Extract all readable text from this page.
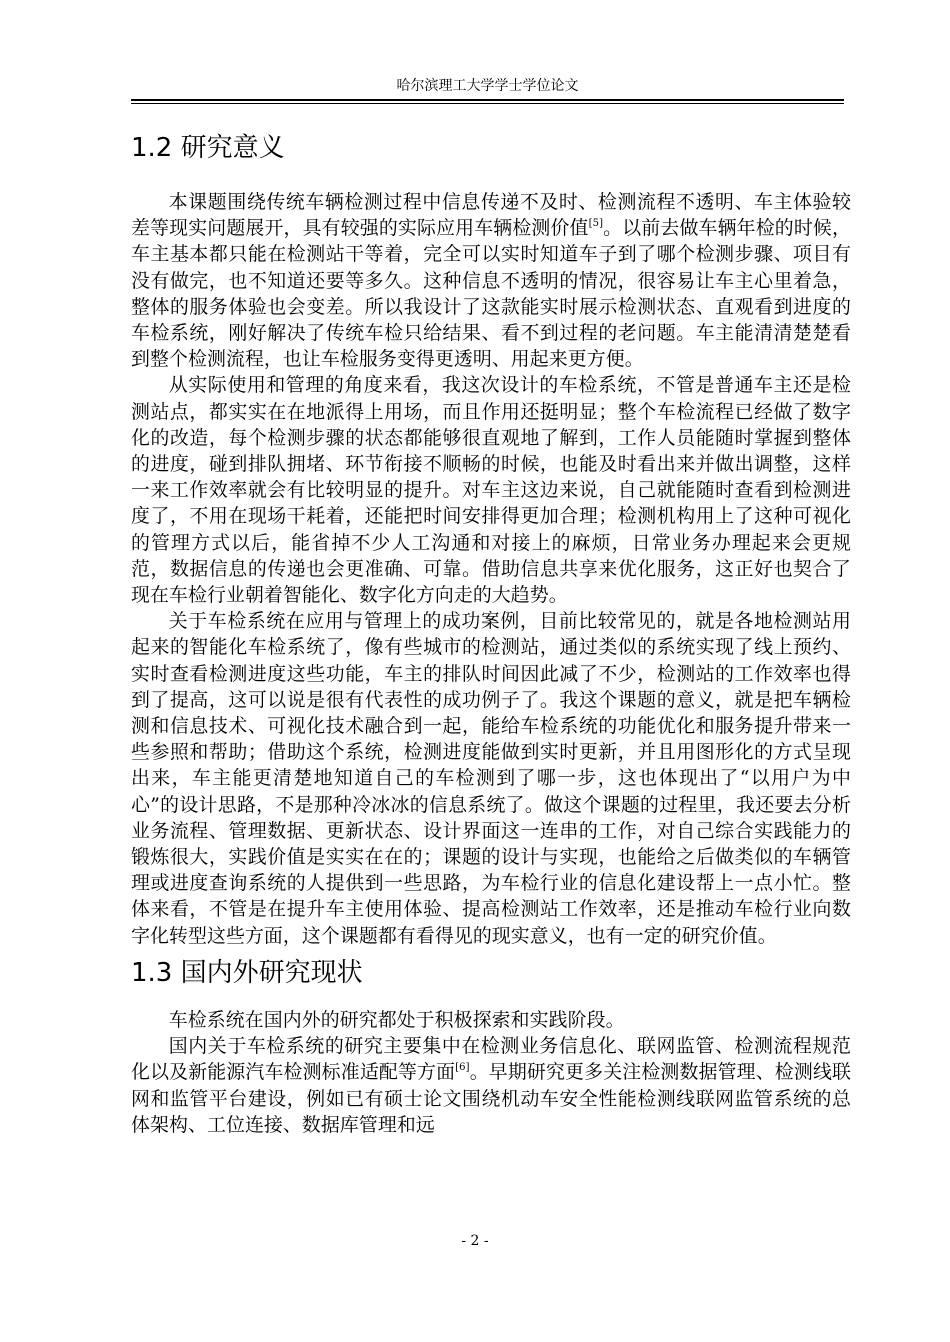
哈尔滨理工大学学士学位论文
1.2 研究意义

本课题围绕传统车辆检测过程中信息传递不及时、检测流程不透明、车主体验较差等现实问题展开，具有较强的实际应用车辆检测价值[5]。以前去做车辆年检的时候，车主基本都只能在检测站干等着，完全可以实时知道车子到了哪个检测步骤、项目有没有做完，也不知道还要等多久。这种信息不透明的情况，很容易让车主心里着急，整体的服务体验也会变差。所以我设计了这款能实时展示检测状态、直观看到进度的车检系统，刚好解决了传统车检只给结果、看不到过程的老问题。车主能清清楚楚看到整个检测流程，也让车检服务变得更透明、用起来更方便。

从实际使用和管理的角度来看，我这次设计的车检系统，不管是普通车主还是检测站点，都实实在在地派得上用场，而且作用还挺明显；整个车检流程已经做了数字化的改造，每个检测步骤的状态都能够很直观地了解到，工作人员能随时掌握到整体的进度，碰到排队拥堵、环节衔接不顺畅的时候，也能及时看出来并做出调整，这样一来工作效率就会有比较明显的提升。对车主这边来说，自己就能随时查看到检测进度了，不用在现场干耗着，还能把时间安排得更加合理；检测机构用上了这种可视化的管理方式以后，能省掉不少人工沟通和对接上的麻烦，日常业务办理起来会更规范，数据信息的传递也会更准确、可靠。借助信息共享来优化服务，这正好也契合了现在车检行业朝着智能化、数字化方向走的大趋势。

关于车检系统在应用与管理上的成功案例，目前比较常见的，就是各地检测站用起来的智能化车检系统了，像有些城市的检测站，通过类似的系统实现了线上预约、实时查看检测进度这些功能，车主的排队时间因此减了不少，检测站的工作效率也得到了提高，这可以说是很有代表性的成功例子了。我这个课题的意义，就是把车辆检测和信息技术、可视化技术融合到一起，能给车检系统的功能优化和服务提升带来一些参照和帮助；借助这个系统，检测进度能做到实时更新，并且用图形化的方式呈现出来，车主能更清楚地知道自己的车检测到了哪一步，这也体现出了“以用户为中心”的设计思路，不是那种冷冰冰的信息系统了。做这个课题的过程里，我还要去分析业务流程、管理数据、更新状态、设计界面这一连串的工作，对自己综合实践能力的锻炼很大，实践价值是实实在在的；课题的设计与实现，也能给之后做类似的车辆管理或进度查询系统的人提供到一些思路，为车检行业的信息化建设帮上一点小忙。整体来看，不管是在提升车主使用体验、提高检测站工作效率，还是推动车检行业向数字化转型这些方面，这个课题都有看得见的现实意义，也有一定的研究价值。

1.3 国内外研究现状

车检系统在国内外的研究都处于积极探索和实践阶段。

国内关于车检系统的研究主要集中在检测业务信息化、联网监管、检测流程规范化以及新能源汽车检测标准适配等方面[6]。早期研究更多关注检测数据管理、检测线联网和监管平台建设，例如已有硕士论文围绕机动车安全性能检测线联网监管系统的总体架构、工位连接、数据库管理和远

- 2 -
